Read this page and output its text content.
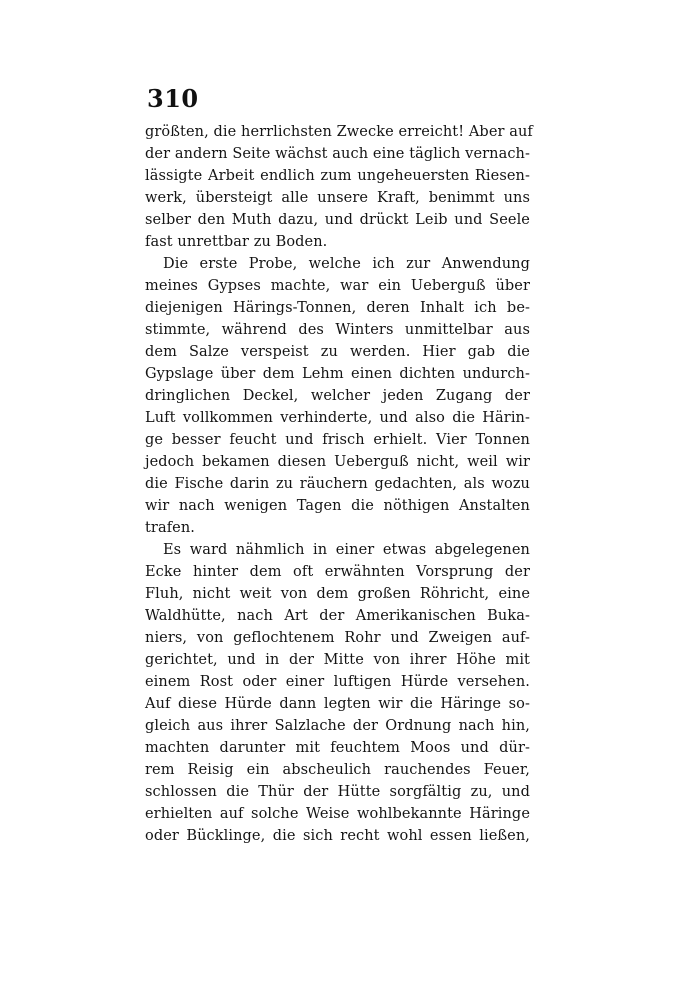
310
größten, die herrlichsten Zwecke erreicht! Aber auf
der andern Seite wächst auch eine täglich vernach-
lässigte Arbeit endlich zum ungeheuersten Riesen-
werk, übersteigt alle unsere Kraft, benimmt uns
selber den Muth dazu, und drückt Leib und Seele
fast unrettbar zu Boden.
Die erste Probe, welche ich zur Anwendung
meines Gypses machte, war ein Ueberguß über
diejenigen Härings-Tonnen, deren Inhalt ich be-
stimmte, während des Winters unmittelbar aus
dem Salze verspeist zu werden. Hier gab die
Gypslage über dem Lehm einen dichten undurch-
dringlichen Deckel, welcher jeden Zugang der
Luft vollkommen verhinderte, und also die Härin-
ge besser feucht und frisch erhielt. Vier Tonnen
jedoch bekamen diesen Ueberguß nicht, weil wir
die Fische darin zu räuchern gedachten, als wozu
wir nach wenigen Tagen die nöthigen Anstalten
trafen.
Es ward nähmlich in einer etwas abgelegenen
Ecke hinter dem oft erwähnten Vorsprung der
Fluh, nicht weit von dem großen Röhricht, eine
Waldhütte, nach Art der Amerikanischen Buka-
niers, von geflochtenem Rohr und Zweigen auf-
gerichtet, und in der Mitte von ihrer Höhe mit
einem Rost oder einer luftigen Hürde versehen.
Auf diese Hürde dann legten wir die Häringe so-
gleich aus ihrer Salzlache der Ordnung nach hin,
machten darunter mit feuchtem Moos und dür-
rem Reisig ein abscheulich rauchendes Feuer,
schlossen die Thür der Hütte sorgfältig zu, und
erhielten auf solche Weise wohlbekannte Häringe
oder Bücklinge, die sich recht wohl essen ließen,
